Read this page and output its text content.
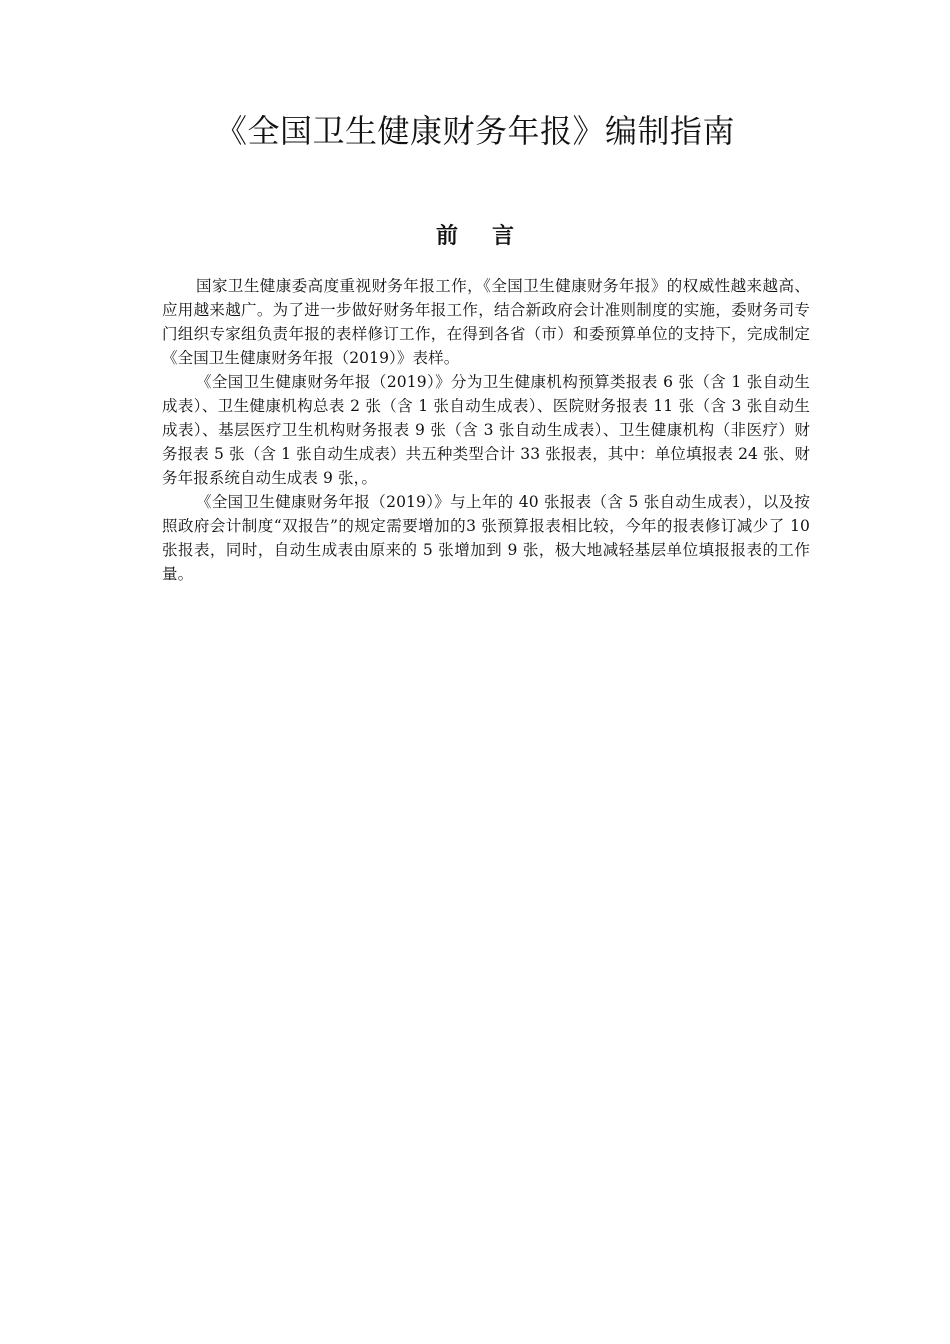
《全国卫生健康财务年报》编制指南
前言

国家卫生健康委高度重视财务年报工作，《全国卫生健康财务年报》的权威性越来越高、应用越来越广。为了进一步做好财务年报工作，结合新政府会计准则制度的实施，委财务司专门组织专家组负责年报的表样修订工作，在得到各省（市）和委预算单位的支持下，完成制定《全国卫生健康财务年报（2019）》表样。

《全国卫生健康财务年报（2019）》分为卫生健康机构预算类报表 6 张（含 1 张自动生成表）、卫生健康机构总表 2 张（含 1 张自动生成表）、医院财务报表 11 张（含 3 张自动生成表）、基层医疗卫生机构财务报表 9 张（含 3 张自动生成表）、卫生健康机构（非医疗）财务报表 5 张（含 1 张自动生成表）共五种类型合计 33 张报表，其中：单位填报表 24 张、财务年报系统自动生成表 9 张，。

《全国卫生健康财务年报（2019）》与上年的 40 张报表（含 5 张自动生成表），以及按照政府会计制度“双报告”的规定需要增加的3 张预算报表相比较，今年的报表修订减少了 10 张报表，同时，自动生成表由原来的 5 张增加到 9 张，极大地减轻基层单位填报报表的工作量。
